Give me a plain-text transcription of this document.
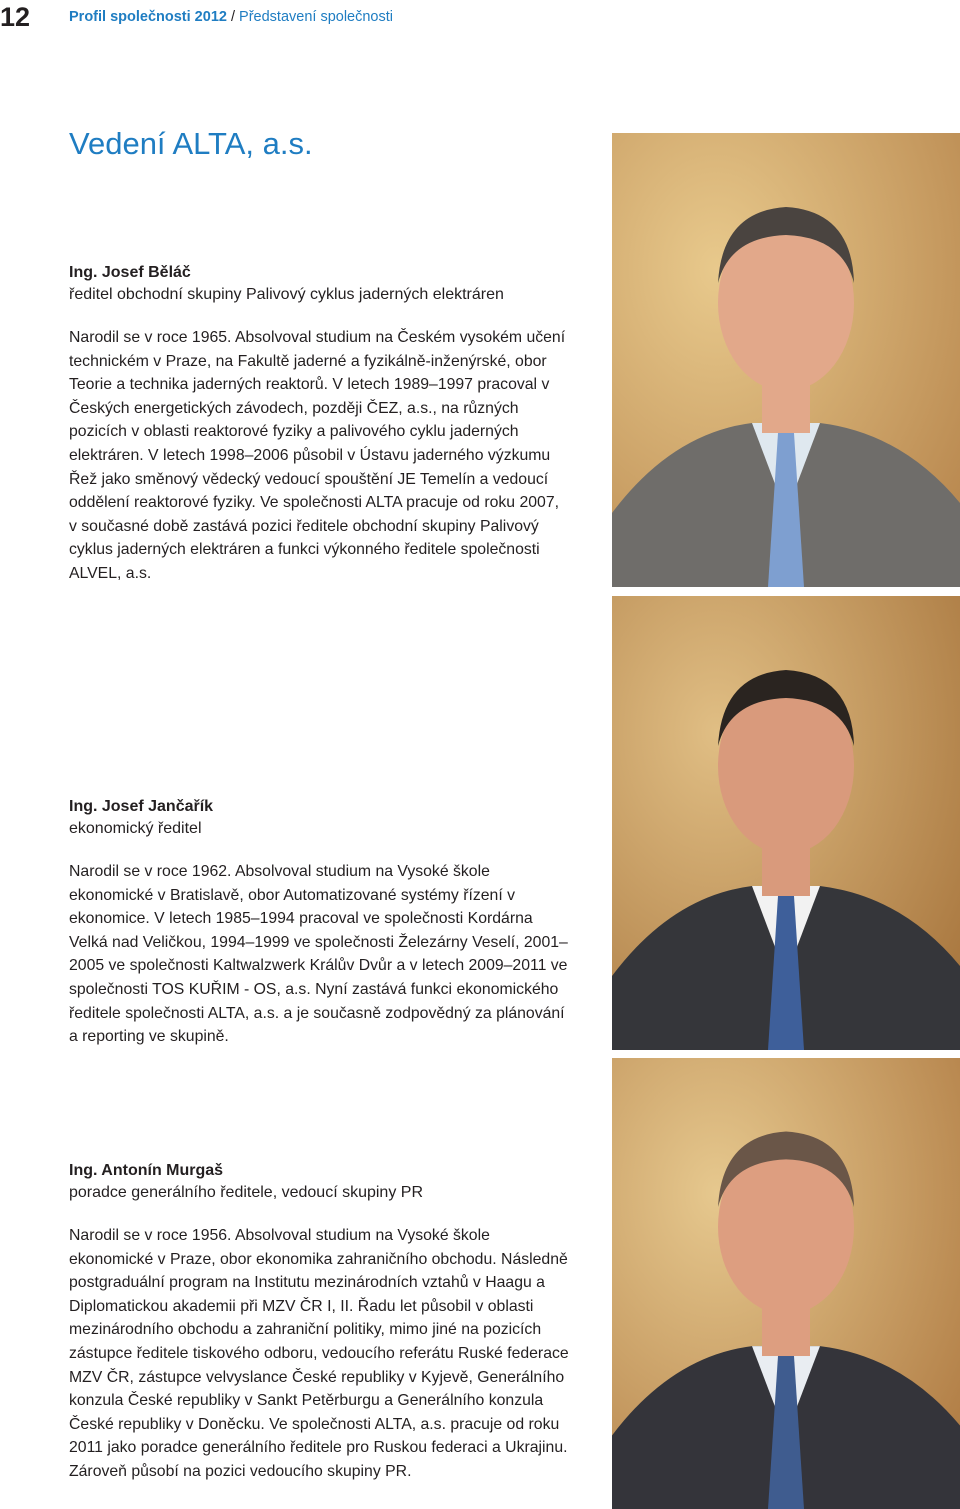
12	Profil společnosti 2012 / Představení společnosti
Vedení ALTA, a.s.

Ing. Josef Běláč

ředitel obchodní skupiny Palivový cyklus jaderných elektráren

Narodil se v roce 1965. Absolvoval studium na Českém vysokém učení technickém v Praze, na Fakultě jaderné a fyzikálně-inženýrské, obor Teorie a technika jaderných reaktorů. V letech 1989–1997 pracoval v Českých energetických závodech, později ČEZ, a.s., na různých pozicích v oblasti reaktorové fyziky a palivového cyklu jaderných elektráren. V letech 1998–2006 působil v Ústavu jaderného výzkumu Řež jako směnový vědecký vedoucí spouštění JE Temelín a vedoucí oddělení reaktorové fyziky. Ve společnosti ALTA pracuje od roku 2007, v současné době zastává pozici ředitele obchodní skupiny Palivový cyklus jaderných elektráren a funkci výkonného ředitele společnosti ALVEL, a.s.

Ing. Josef Jančařík

ekonomický ředitel

Narodil se v roce 1962. Absolvoval studium na Vysoké škole ekonomické v Bratislavě, obor Automatizované systémy řízení v ekonomice. V letech 1985–1994 pracoval ve společnosti Kordárna Velká nad Veličkou, 1994–1999 ve společnosti Železárny Veselí, 2001–2005 ve společnosti Kaltwalzwerk Králův Dvůr a v letech 2009–2011 ve společnosti TOS KUŘIM - OS, a.s. Nyní zastává funkci ekonomického ředitele společnosti ALTA, a.s. a je současně zodpovědný za plánování a reporting ve skupině.

Ing. Antonín Murgaš

poradce generálního ředitele, vedoucí skupiny PR

Narodil se v roce 1956. Absolvoval studium na Vysoké škole ekonomické v Praze, obor ekonomika zahraničního obchodu. Následně postgraduální program na Institutu mezinárodních vztahů v Haagu a Diplomatickou akademii při MZV ČR I, II. Řadu let působil v oblasti mezinárodního obchodu a zahraniční politiky, mimo jiné na pozicích zástupce ředitele tiskového odboru, vedoucího referátu Ruské federace MZV ČR, zástupce velvyslance České republiky v Kyjevě, Generálního konzula České republiky v Sankt Petěrburgu a Generálního konzula České republiky v Doněcku. Ve společnosti ALTA, a.s. pracuje od roku 2011 jako poradce generálního ředitele pro Ruskou federaci a Ukrajinu. Zároveň působí na pozici vedoucího skupiny PR.
